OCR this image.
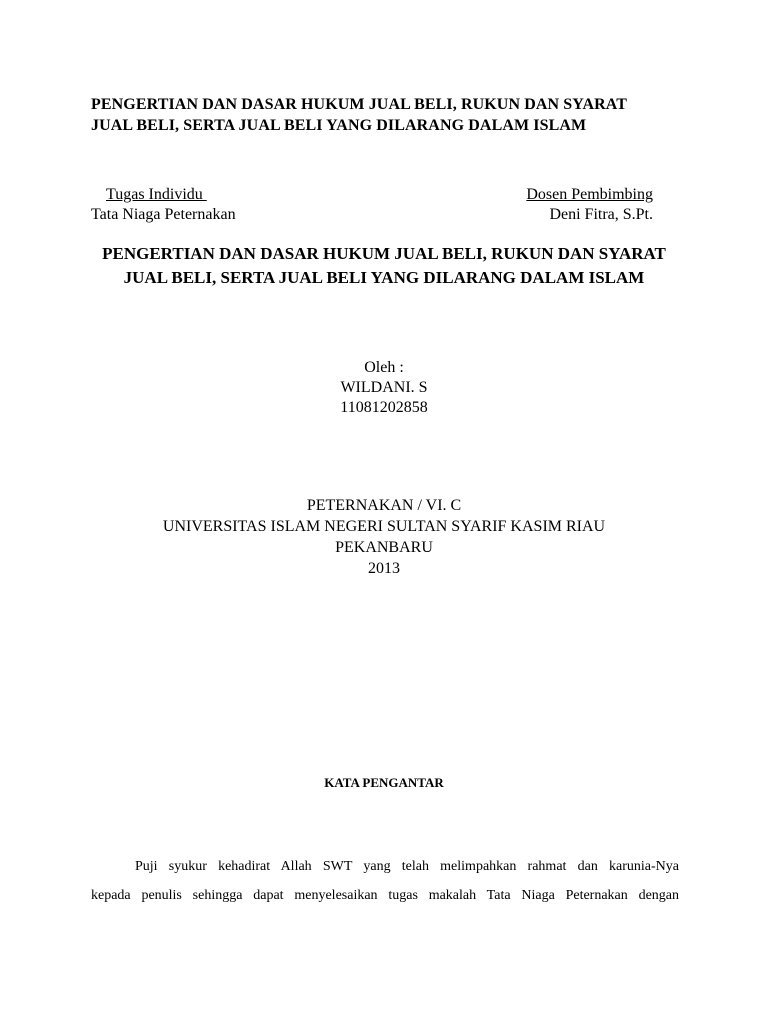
PENGERTIAN DAN DASAR HUKUM JUAL BELI, RUKUN DAN SYARAT
JUAL BELI, SERTA JUAL BELI YANG DILARANG DALAM ISLAM
Tugas Individu
Tata Niaga Peternakan
Dosen Pembimbing
Deni Fitra, S.Pt.
PENGERTIAN DAN DASAR HUKUM JUAL BELI, RUKUN DAN SYARAT
JUAL BELI, SERTA JUAL BELI YANG DILARANG DALAM ISLAM
Oleh :
WILDANI. S
11081202858
PETERNAKAN / VI. C
UNIVERSITAS ISLAM NEGERI SULTAN SYARIF KASIM RIAU
PEKANBARU
2013
KATA PENGANTAR
Puji syukur kehadirat Allah SWT yang telah melimpahkan rahmat dan karunia-Nya
kepada penulis sehingga dapat menyelesaikan tugas makalah Tata Niaga Peternakan dengan
